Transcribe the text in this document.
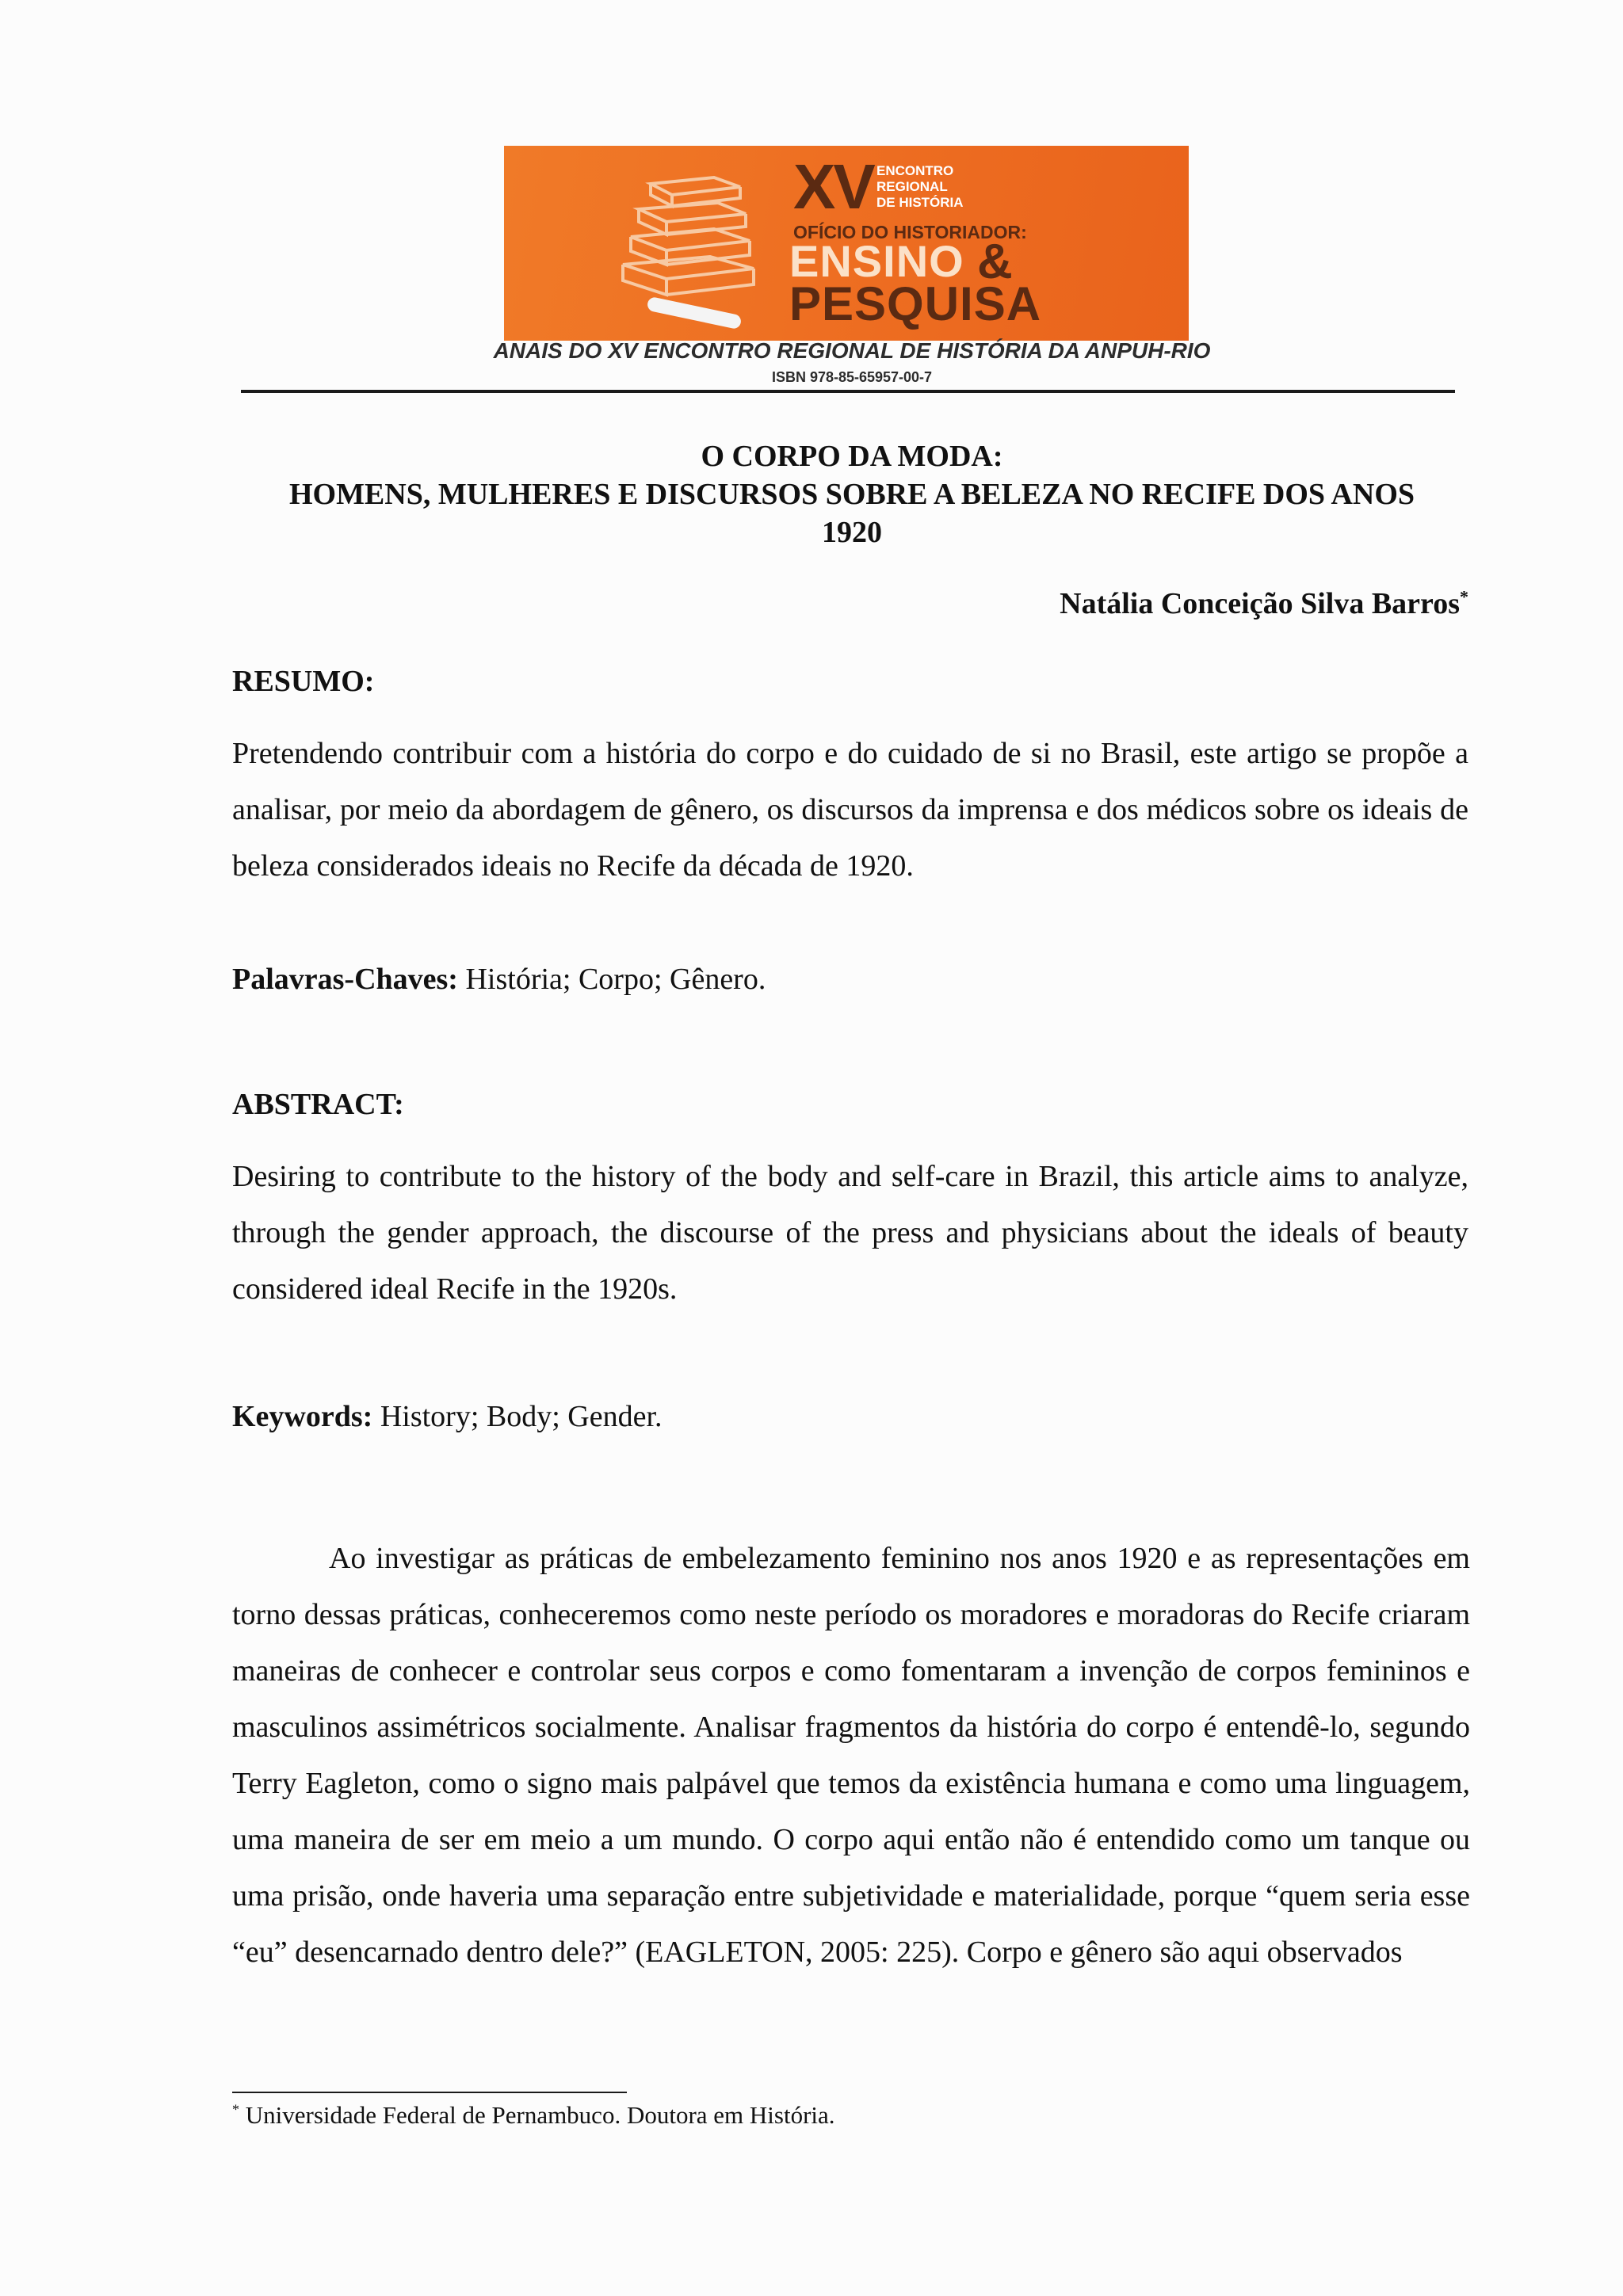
XV ENCONTRO
REGIONAL
DE HISTÓRIA
OFÍCIO DO HISTORIADOR:
ENSINO &
PESQUISA
ANAIS DO XV ENCONTRO REGIONAL DE HISTÓRIA DA ANPUH-RIO
ISBN 978-85-65957-00-7
O CORPO DA MODA:
HOMENS, MULHERES E DISCURSOS SOBRE A BELEZA NO RECIFE DOS ANOS
1920
Natália Conceição Silva Barros*
RESUMO:
Pretendendo contribuir com a história do corpo e do cuidado de si no Brasil, este artigo se propõe a analisar, por meio da abordagem de gênero, os discursos da imprensa e dos médicos sobre os ideais de beleza considerados ideais no Recife da década de 1920.
Palavras-Chaves: História; Corpo; Gênero.
ABSTRACT:
Desiring to contribute to the history of the body and self-care in Brazil, this article aims to analyze, through the gender approach, the discourse of the press and physicians about the ideals of beauty considered ideal Recife in the 1920s.
Keywords: History; Body; Gender.
Ao investigar as práticas de embelezamento feminino nos anos 1920 e as representações em torno dessas práticas, conheceremos como neste período os moradores e moradoras do Recife criaram maneiras de conhecer e controlar seus corpos e como fomentaram a invenção de corpos femininos e masculinos assimétricos socialmente. Analisar fragmentos da história do corpo é entendê-lo, segundo Terry Eagleton, como o signo mais palpável que temos da existência humana e como uma linguagem, uma maneira de ser em meio a um mundo. O corpo aqui então não é entendido como um tanque ou uma prisão, onde haveria uma separação entre subjetividade e materialidade, porque “quem seria esse “eu” desencarnado dentro dele?” (EAGLETON, 2005: 225). Corpo e gênero são aqui observados
* Universidade Federal de Pernambuco. Doutora em História.
